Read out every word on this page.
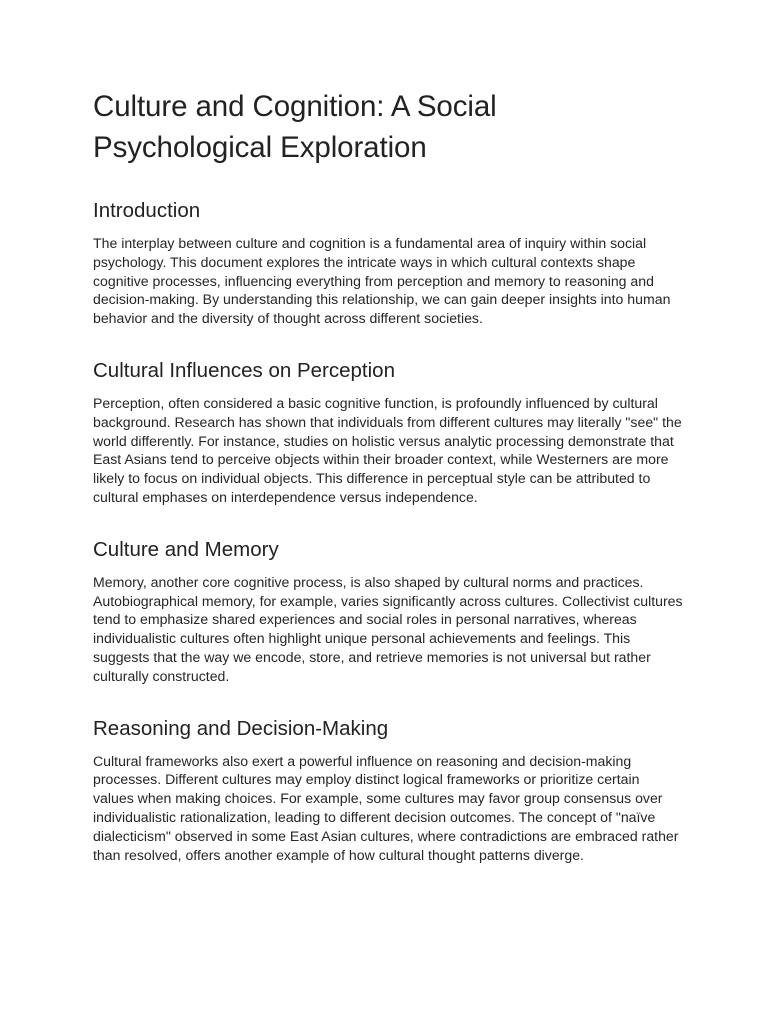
Culture and Cognition: A Social Psychological Exploration
Introduction

The interplay between culture and cognition is a fundamental area of inquiry within social psychology. This document explores the intricate ways in which cultural contexts shape cognitive processes, influencing everything from perception and memory to reasoning and decision-making. By understanding this relationship, we can gain deeper insights into human behavior and the diversity of thought across different societies.

Cultural Influences on Perception

Perception, often considered a basic cognitive function, is profoundly influenced by cultural background. Research has shown that individuals from different cultures may literally "see" the world differently. For instance, studies on holistic versus analytic processing demonstrate that East Asians tend to perceive objects within their broader context, while Westerners are more likely to focus on individual objects. This difference in perceptual style can be attributed to cultural emphases on interdependence versus independence.

Culture and Memory

Memory, another core cognitive process, is also shaped by cultural norms and practices. Autobiographical memory, for example, varies significantly across cultures. Collectivist cultures tend to emphasize shared experiences and social roles in personal narratives, whereas individualistic cultures often highlight unique personal achievements and feelings. This suggests that the way we encode, store, and retrieve memories is not universal but rather culturally constructed.

Reasoning and Decision-Making

Cultural frameworks also exert a powerful influence on reasoning and decision-making processes. Different cultures may employ distinct logical frameworks or prioritize certain values when making choices. For example, some cultures may favor group consensus over individualistic rationalization, leading to different decision outcomes. The concept of "naïve dialecticism" observed in some East Asian cultures, where contradictions are embraced rather than resolved, offers another example of how cultural thought patterns diverge.
